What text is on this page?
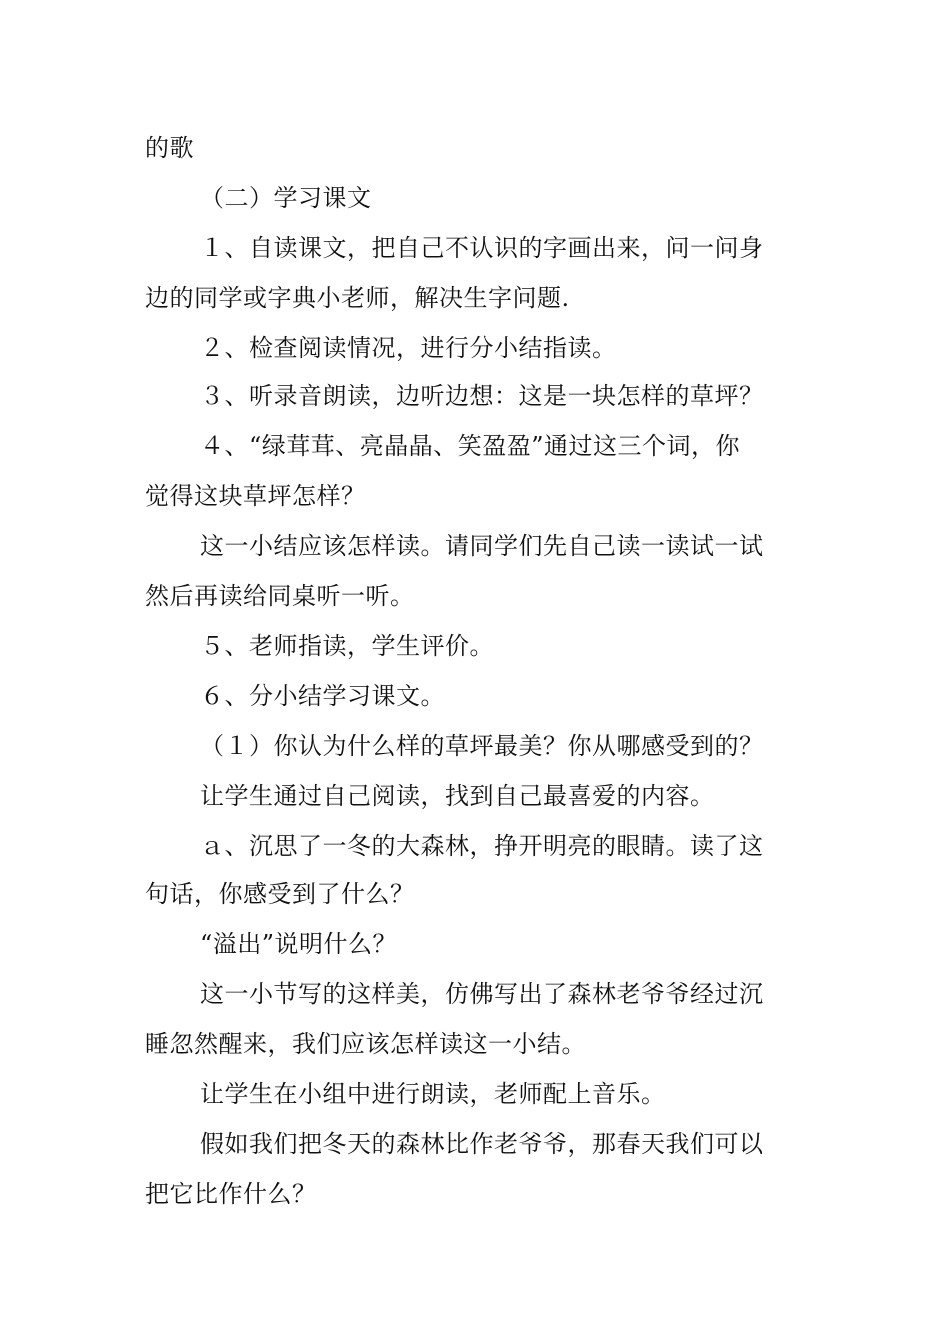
的歌

（二）学习课文

１、自读课文，把自己不认识的字画出来，问一问身

边的同学或字典小老师，解决生字问题.

２、检查阅读情况，进行分小结指读。

３、听录音朗读，边听边想：这是一块怎样的草坪？

４、“绿茸茸、亮晶晶、笑盈盈”通过这三个词，你

觉得这块草坪怎样？

这一小结应该怎样读。请同学们先自己读一读试一试

然后再读给同桌听一听。

５、老师指读，学生评价。

６、分小结学习课文。

（１）你认为什么样的草坪最美？你从哪感受到的？

让学生通过自己阅读，找到自己最喜爱的内容。

ａ、沉思了一冬的大森林，挣开明亮的眼睛。读了这

句话，你感受到了什么？

“溢出”说明什么？

这一小节写的这样美，仿佛写出了森林老爷爷经过沉

睡忽然醒来，我们应该怎样读这一小结。

让学生在小组中进行朗读，老师配上音乐。

假如我们把冬天的森林比作老爷爷，那春天我们可以

把它比作什么？
